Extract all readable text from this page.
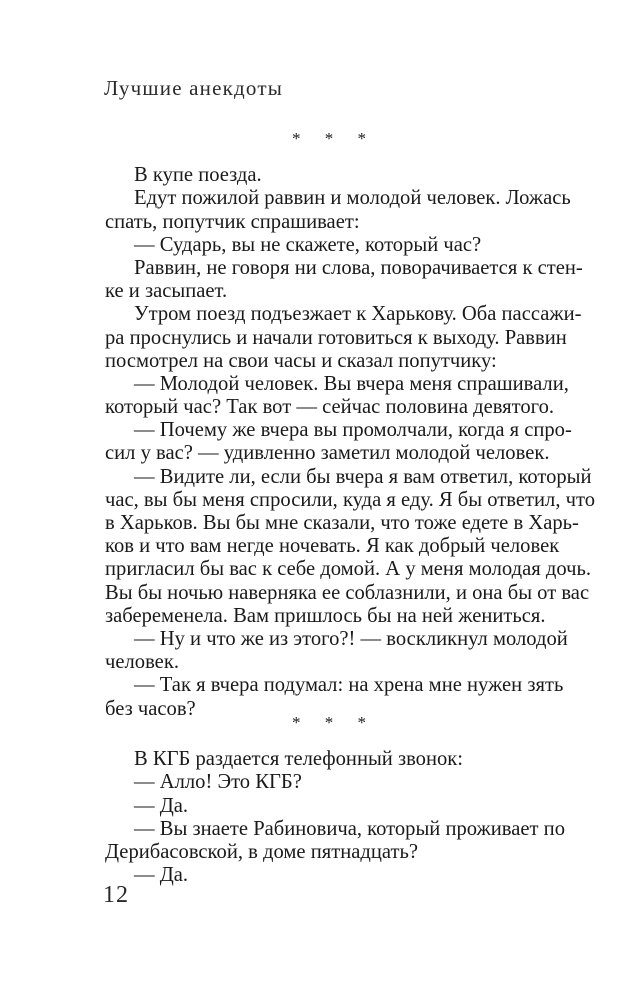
Лучшие анекдоты
* * *
В купе поезда.
Едут пожилой раввин и молодой человек. Ложась
спать, попутчик спрашивает:
— Сударь, вы не скажете, который час?
Раввин, не говоря ни слова, поворачивается к стен-
ке и засыпает.
Утром поезд подъезжает к Харькову. Оба пассажи-
ра проснулись и начали готовиться к выходу. Раввин
посмотрел на свои часы и сказал попутчику:
— Молодой человек. Вы вчера меня спрашивали,
который час? Так вот — сейчас половина девятого.
— Почему же вчера вы промолчали, когда я спро-
сил у вас? — удивленно заметил молодой человек.
— Видите ли, если бы вчера я вам ответил, который
час, вы бы меня спросили, куда я еду. Я бы ответил, что
в Харьков. Вы бы мне сказали, что тоже едете в Харь-
ков и что вам негде ночевать. Я как добрый человек
пригласил бы вас к себе домой. А у меня молодая дочь.
Вы бы ночью наверняка ее соблазнили, и она бы от вас
забеременела. Вам пришлось бы на ней жениться.
— Ну и что же из этого?! — воскликнул молодой
человек.
— Так я вчера подумал: на хрена мне нужен зять
без часов?
* * *
В КГБ раздается телефонный звонок:
— Алло! Это КГБ?
— Да.
— Вы знаете Рабиновича, который проживает по
Дерибасовской, в доме пятнадцать?
— Да.
12
